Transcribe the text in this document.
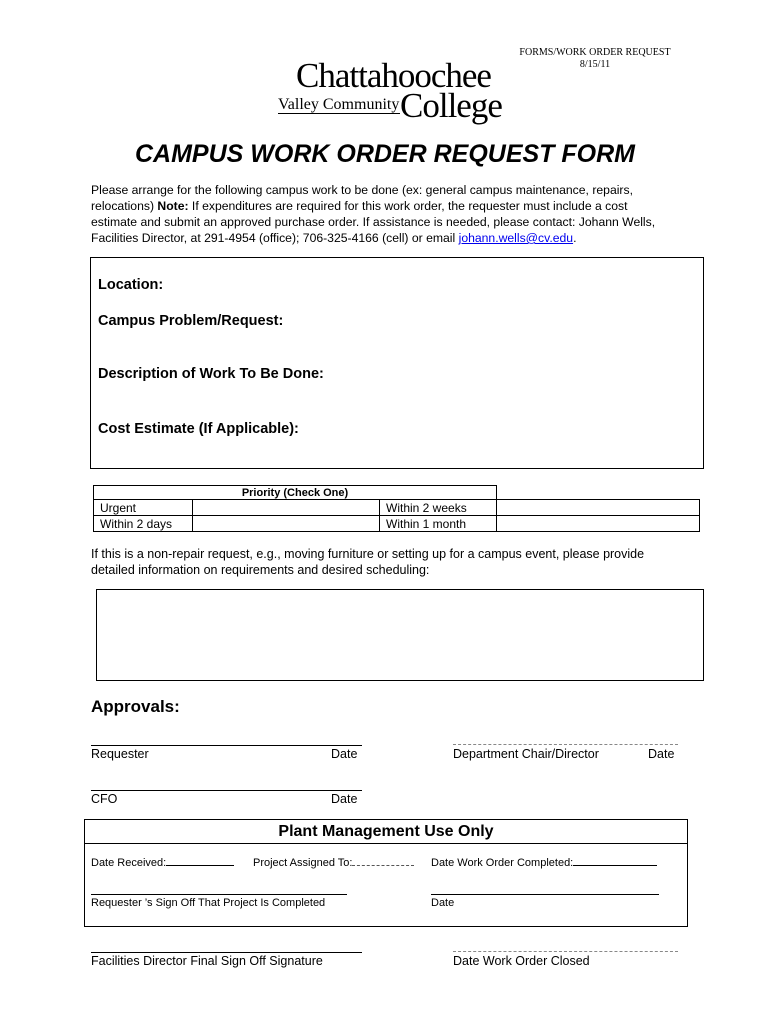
FORMS/WORK ORDER REQUEST
8/15/11
Chattahoochee
Valley Community College
CAMPUS WORK ORDER REQUEST FORM
Please arrange for the following campus work to be done (ex: general campus maintenance, repairs, relocations) Note: If expenditures are required for this work order, the requester must include a cost estimate and submit an approved purchase order. If assistance is needed, please contact: Johann Wells, Facilities Director, at 291-4954 (office); 706-325-4166 (cell) or email johann.wells@cv.edu.
Location:
Campus Problem/Request:
Description of Work To Be Done:
Cost Estimate (If Applicable):
Priority (Check One)			
Urgent		Within 2 weeks	
Within 2 days		Within 1 month	
If this is a non-repair request, e.g., moving furniture or setting up for a campus event, please provide detailed information on requirements and desired scheduling:
Approvals:
Requester	Date	Department Chair/Director	Date
CFO	Date
Plant Management Use Only
Date Received:	Project Assigned To:	Date Work Order Completed:
Requester ’s Sign Off That Project Is Completed	Date
Facilities Director Final Sign Off Signature	Date Work Order Closed
